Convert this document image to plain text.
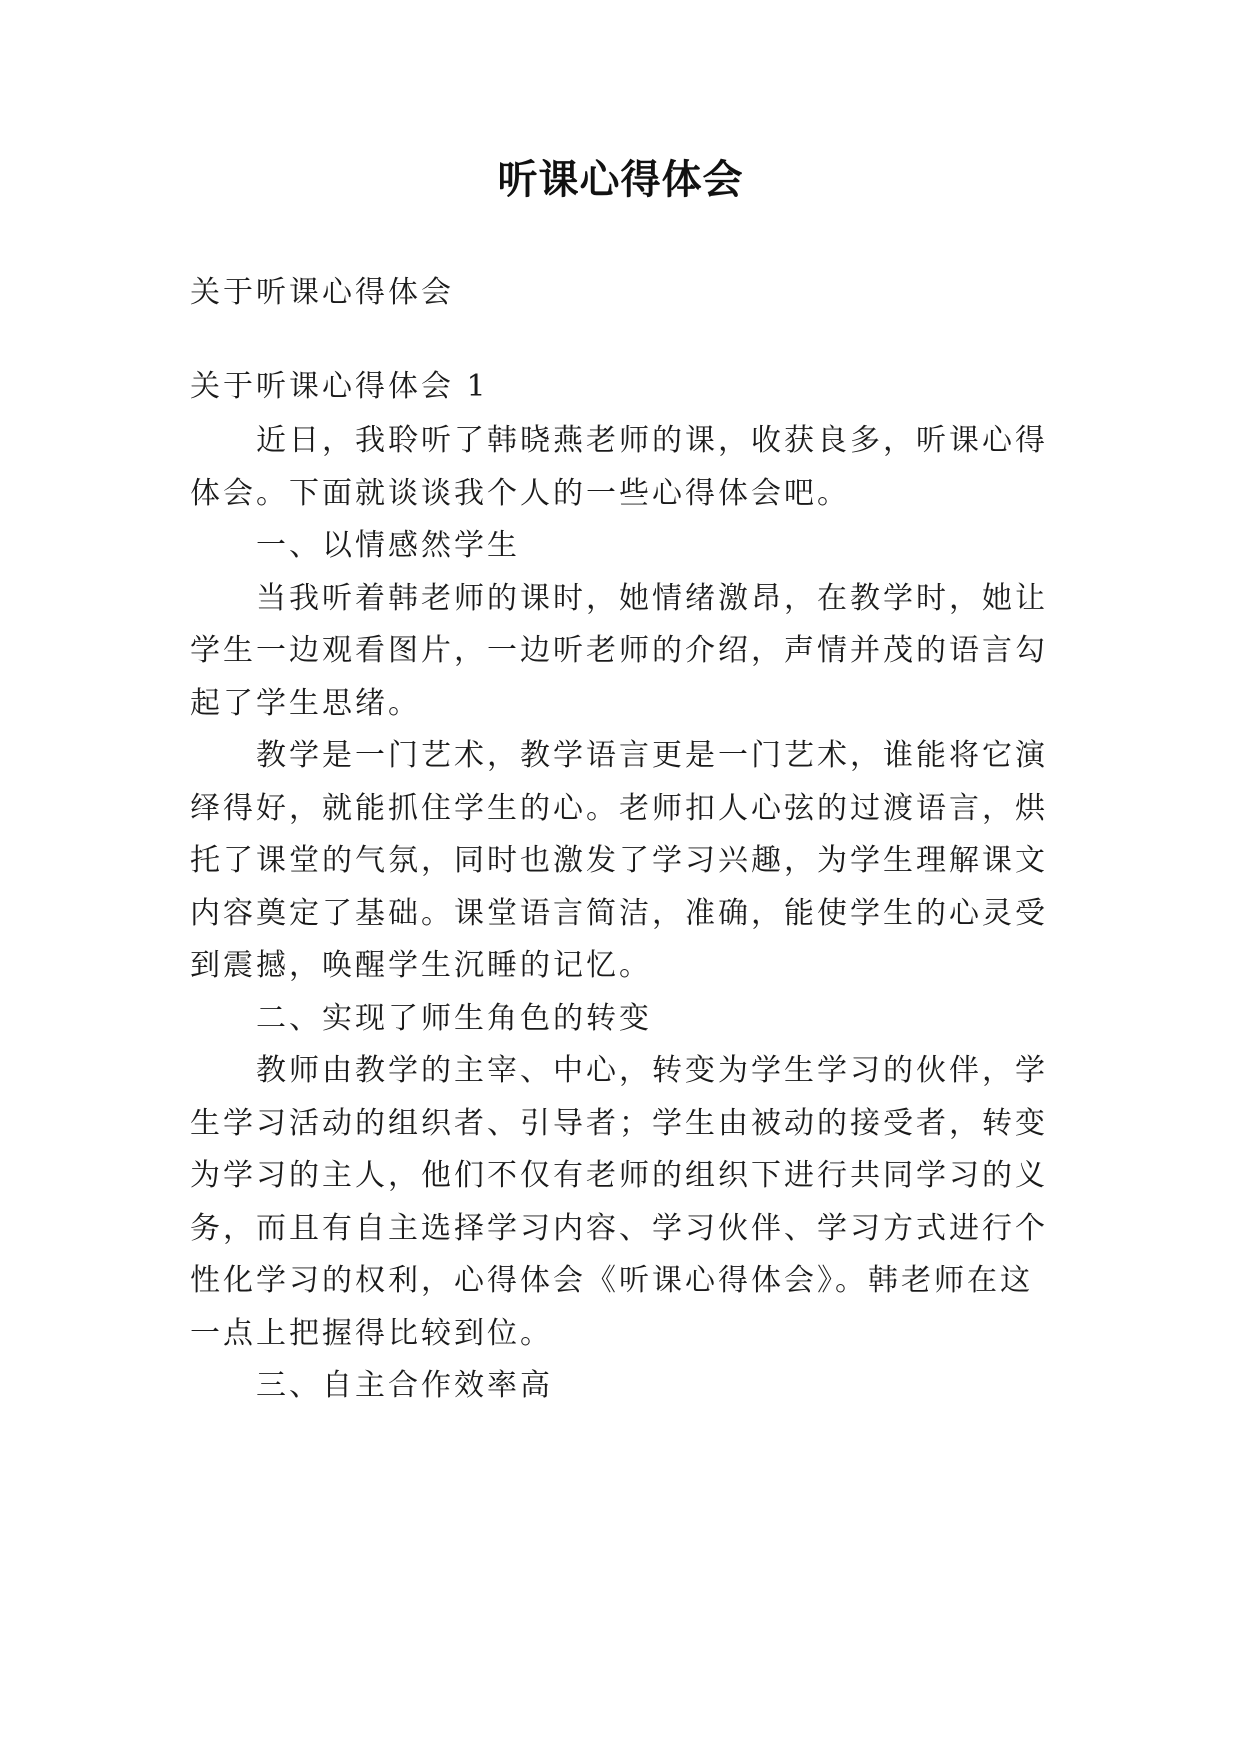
听课心得体会
关于听课心得体会
关于听课心得体会 1
近日，我聆听了韩晓燕老师的课，收获良多，听课心得
体会。下面就谈谈我个人的一些心得体会吧。
一、以情感然学生
当我听着韩老师的课时，她情绪激昂，在教学时，她让
学生一边观看图片，一边听老师的介绍，声情并茂的语言勾
起了学生思绪。
教学是一门艺术，教学语言更是一门艺术，谁能将它演
绎得好，就能抓住学生的心。老师扣人心弦的过渡语言，烘
托了课堂的气氛，同时也激发了学习兴趣，为学生理解课文
内容奠定了基础。课堂语言简洁，准确，能使学生的心灵受
到震撼，唤醒学生沉睡的记忆。
二、实现了师生角色的转变
教师由教学的主宰、中心，转变为学生学习的伙伴，学
生学习活动的组织者、引导者；学生由被动的接受者，转变
为学习的主人，他们不仅有老师的组织下进行共同学习的义
务，而且有自主选择学习内容、学习伙伴、学习方式进行个
性化学习的权利，心得体会《听课心得体会》。韩老师在这
一点上把握得比较到位。
三、自主合作效率高
